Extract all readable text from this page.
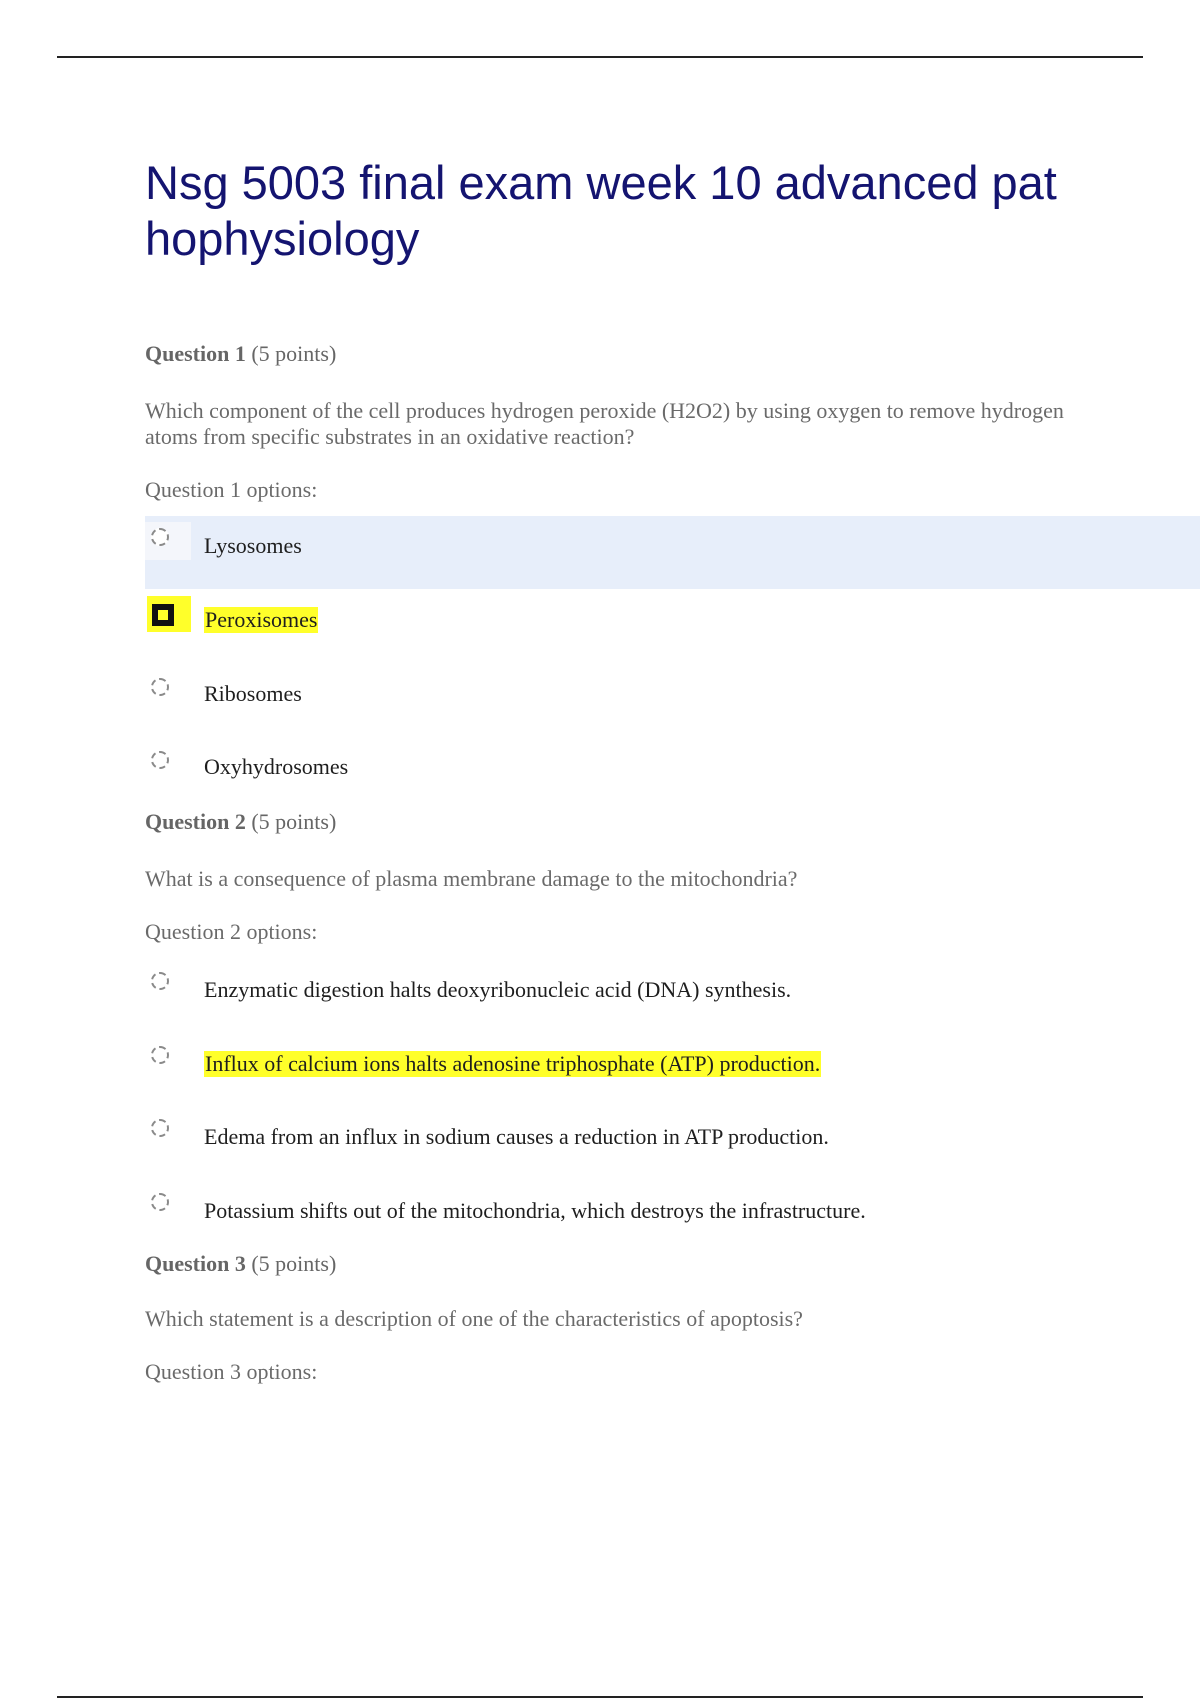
Nsg 5003 final exam week 10 advanced pat hophysiology
Question 1 (5 points)
Which component of the cell produces hydrogen peroxide (H2O2) by using oxygen to remove hydrogen atoms from specific substrates in an oxidative reaction?
Question 1 options:
Lysosomes
Peroxisomes
Ribosomes
Oxyhydrosomes
Question 2 (5 points)
What is a consequence of plasma membrane damage to the mitochondria?
Question 2 options:
Enzymatic digestion halts deoxyribonucleic acid (DNA) synthesis.
Influx of calcium ions halts adenosine triphosphate (ATP) production.
Edema from an influx in sodium causes a reduction in ATP production.
Potassium shifts out of the mitochondria, which destroys the infrastructure.
Question 3 (5 points)
Which statement is a description of one of the characteristics of apoptosis?
Question 3 options:
